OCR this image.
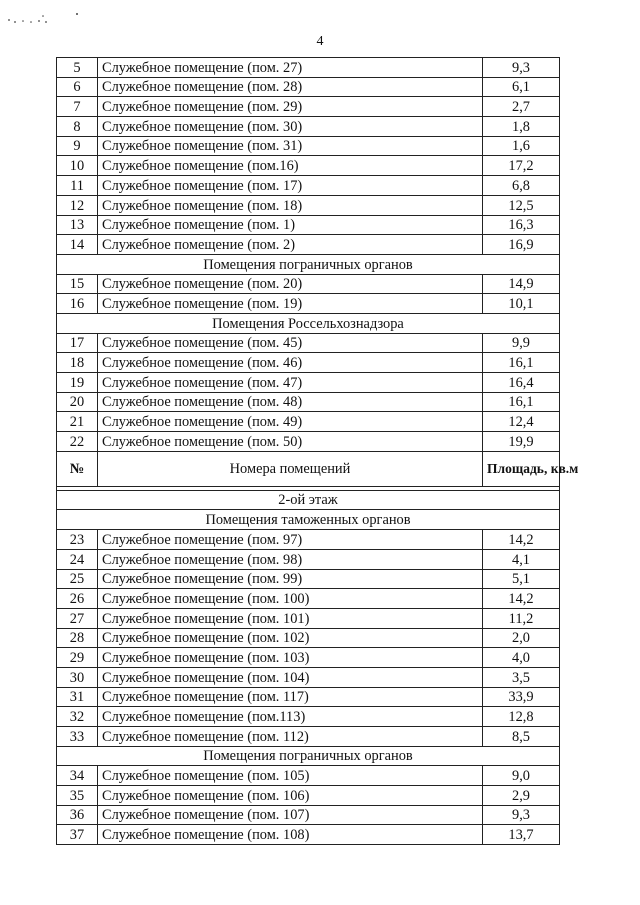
4
5	Служебное помещение (пом. 27)	9,3
6	Служебное помещение (пом. 28)	6,1
7	Служебное помещение (пом. 29)	2,7
8	Служебное помещение (пом. 30)	1,8
9	Служебное помещение (пом. 31)	1,6
10	Служебное помещение (пом.16)	17,2
11	Служебное помещение (пом. 17)	6,8
12	Служебное помещение (пом. 18)	12,5
13	Служебное помещение (пом. 1)	16,3
14	Служебное помещение (пом. 2)	16,9
Помещения пограничных органов		
15	Служебное помещение (пом. 20)	14,9
16	Служебное помещение (пом. 19)	10,1
Помещения Россельхознадзора		
17	Служебное помещение (пом. 45)	9,9
18	Служебное помещение (пом. 46)	16,1
19	Служебное помещение (пом. 47)	16,4
20	Служебное помещение (пом. 48)	16,1
21	Служебное помещение (пом. 49)	12,4
22	Служебное помещение (пом. 50)	19,9
№	Номера помещений	Площадь, кв.м

2-ой этаж		
Помещения таможенных органов		
23	Служебное помещение (пом. 97)	14,2
24	Служебное помещение (пом. 98)	4,1
25	Служебное помещение (пом. 99)	5,1
26	Служебное помещение (пом. 100)	14,2
27	Служебное помещение (пом. 101)	11,2
28	Служебное помещение (пом. 102)	2,0
29	Служебное помещение (пом. 103)	4,0
30	Служебное помещение (пом. 104)	3,5
31	Служебное помещение (пом. 117)	33,9
32	Служебное помещение (пом.113)	12,8
33	Служебное помещение (пом. 112)	8,5
Помещения пограничных органов		
34	Служебное помещение (пом. 105)	9,0
35	Служебное помещение (пом. 106)	2,9
36	Служебное помещение (пом. 107)	9,3
37	Служебное помещение (пом. 108)	13,7
